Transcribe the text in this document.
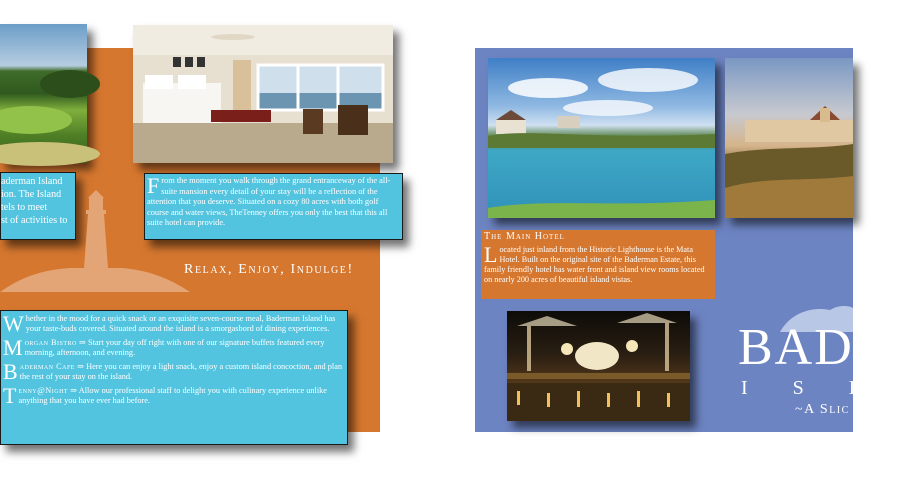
aderman Island
ion. The Island
tels to meet
st of activities to
F rom the moment you walk through the grand entranceway of the all-suite mansion every detail of your stay will be a reflection of the attention that you deserve. Situated on a cozy 80 acres with both golf course and water views, TheTenney offers you only the best that this all suite hotel can provide.
Relax, Enjoy, Indulge!

W hether in the mood for a quick snack or an exquisite seven-course meal, Baderman Island has your taste-buds covered. Situated around the island is a smorgasbord of dining experiences.

M organ Bistro ⇒ Start your day off right with one of our signature buffets featured every morning, afternoon, and evening.

B aderman Cafe ⇒ Here you can enjoy a light snack, enjoy a custom island concoction, and plan the rest of your stay on the island.

T enny@Night ⇒ Allow our professional staff to delight you with culinary experience unlike anything that you have ever had before.

The Main Hotel
L ocated just inland from the Historic Lighthouse is the Mata Hotel. Built on the original site of the Baderman Estate, this family friendly hotel has water front and island view rooms located on nearly 200 acres of beautiful island vistas.
BADER
I S L
~A Slic
